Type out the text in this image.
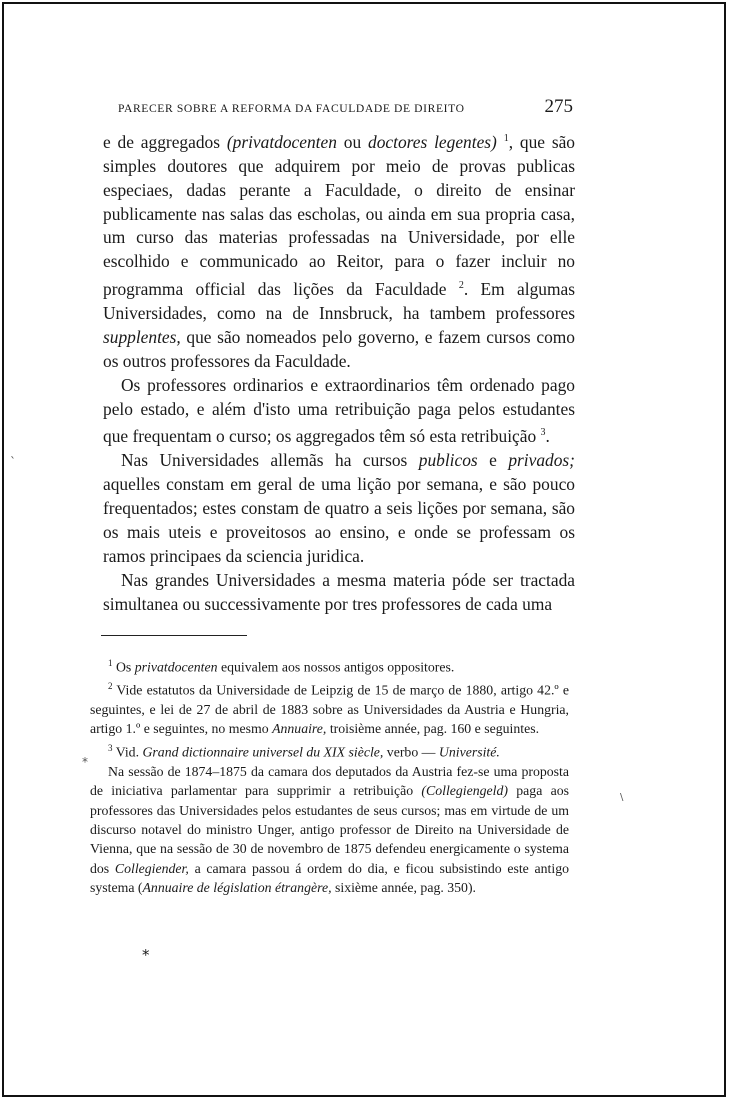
PARECER SOBRE A REFORMA DA FACULDADE DE DIREITO	275

e de aggregados (privatdocenten ou doctores legentes) $^1$, que são simples doutores que adquirem por meio de provas publicas especiaes, dadas perante a Faculdade, o direito de ensinar publicamente nas salas das escholas, ou ainda em sua propria casa, um curso das materias professadas na Universidade, por elle escolhido e communicado ao Reitor, para o fazer incluir no programma official das lições da Faculdade $^2$. Em algumas Universidades, como na de Innsbruck, ha tambem professores supplentes, que são nomeados pelo governo, e fazem cursos como os outros professores da Faculdade.

Os professores ordinarios e extraordinarios têm ordenado pago pelo estado, e além d'isto uma retribuição paga pelos estudantes que frequentam o curso; os aggregados têm só esta retribuição $^3$.

Nas Universidades allemãs ha cursos publicos e privados; aquelles constam em geral de uma lição por semana, e são pouco frequentados; estes constam de quatro a seis lições por semana, são os mais uteis e proveitosos ao ensino, e onde se professam os ramos principaes da sciencia juridica.

Nas grandes Universidades a mesma materia póde ser tractada simultanea ou successivamente por tres professores de cada uma

$^1$ Os privatdocenten equivalem aos nossos antigos oppositores.

$^2$ Vide estatutos da Universidade de Leipzig de 15 de março de 1880, artigo 42.º e seguintes, e lei de 27 de abril de 1883 sobre as Universidades da Austria e Hungria, artigo 1.º e seguintes, no mesmo Annuaire, troisième année, pag. 160 e seguintes.

$^3$ Vid. Grand dictionnaire universel du XIX siècle, verbo — Université.

Na sessão de 1874–1875 da camara dos deputados da Austria fez-se uma proposta de iniciativa parlamentar para supprimir a retribuição (Collegiengeld) paga aos professores das Universidades pelos estudantes de seus cursos; mas em virtude de um discurso notavel do ministro Unger, antigo professor de Direito na Universidade de Vienna, que na sessão de 30 de novembro de 1875 defendeu energicamente o systema dos Collegiender, a camara passou á ordem do dia, e ficou subsistindo este antigo systema (Annuaire de législation étrangère, sixième année, pag. 350).

*
`
*
\
